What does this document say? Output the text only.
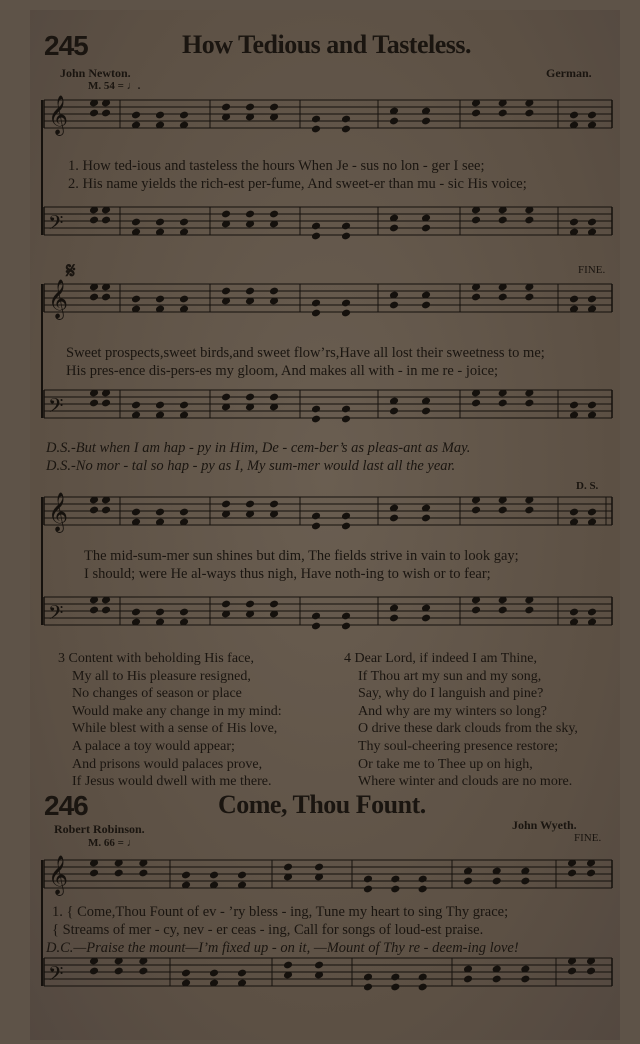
245	How Tedious and Tasteless.
John Newton.	German.
M. 54 = ♩.
𝄞
𝄢
𝄞
𝄢
𝄞
𝄢
𝄞
𝄢
1. How ted-ious and tasteless the hours When Je - sus no lon - ger I see;
2. His name yields the rich-est per-fume, And sweet-er than mu - sic His voice;
𝄋	FINE.
Sweet prospects,sweet birds,and sweet flow’rs,Have all lost their sweetness to me;
His pres-ence dis-pers-es my gloom, And makes all with - in me re - joice;
D.S.-But when I am hap - py in Him, De - cem-ber’s as pleas-ant as May.
D.S.-No mor - tal so hap - py as I, My sum-mer would last all the year.
D. S.
The mid-sum-mer sun shines but dim, The fields strive in vain to look gay;
I should; were He al-ways thus nigh, Have noth-ing to wish or to fear;
3 Content with beholding His face,
My all to His pleasure resigned,
No changes of season or place
Would make any change in my mind:
While blest with a sense of His love,
A palace a toy would appear;
And prisons would palaces prove,
If Jesus would dwell with me there.
4 Dear Lord, if indeed I am Thine,
If Thou art my sun and my song,
Say, why do I languish and pine?
And why are my winters so long?
O drive these dark clouds from the sky,
Thy soul-cheering presence restore;
Or take me to Thee up on high,
Where winter and clouds are no more.
246	Come, Thou Fount.
Robert Robinson.	John Wyeth.
FINE.
M. 66 = ♩
1. { Come,Thou Fount of ev - ’ry bless - ing, Tune my heart to sing Thy grace;
{ Streams of mer - cy, nev - er ceas - ing, Call for songs of loud-est praise.
D.C.—Praise the mount—I’m fixed up - on it, —Mount of Thy re - deem-ing love!
